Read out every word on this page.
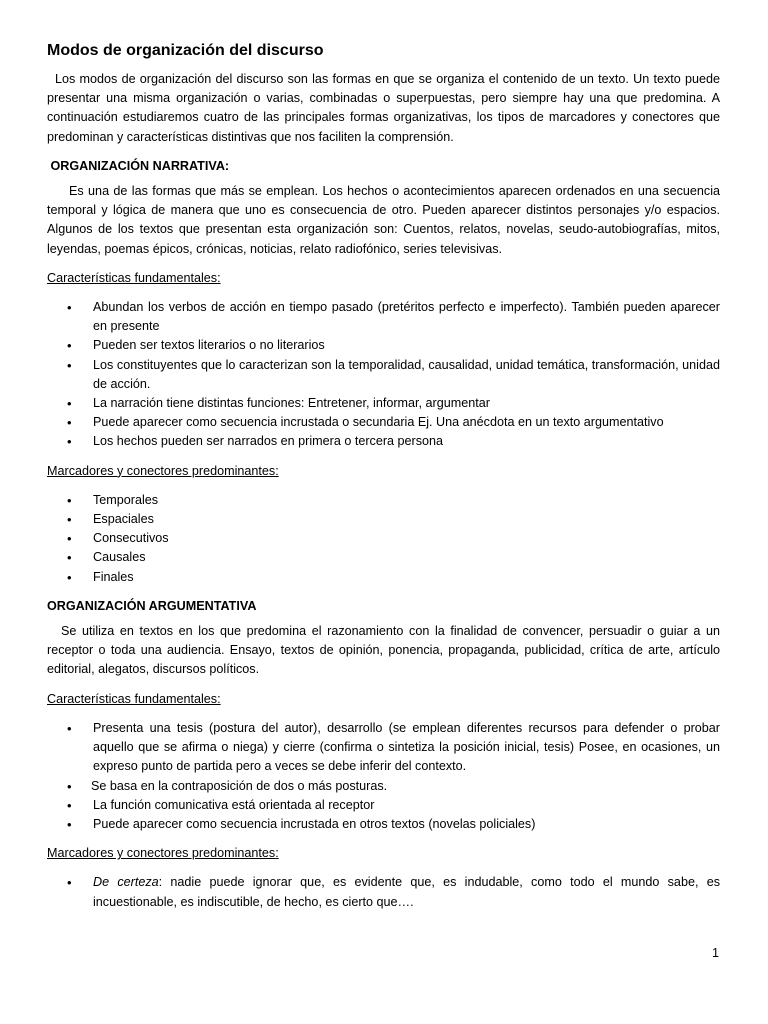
Modos de organización del discurso

Los modos de organización del discurso son las formas en que se organiza el contenido de un texto. Un texto puede presentar una misma organización o varias, combinadas o superpuestas, pero siempre hay una que predomina. A continuación estudiaremos cuatro de las principales formas organizativas, los tipos de marcadores y conectores que predominan y características distintivas que nos faciliten la comprensión.

ORGANIZACIÓN NARRATIVA:

Es una de las formas que más se emplean. Los hechos o acontecimientos aparecen ordenados en una secuencia temporal y lógica de manera que uno es consecuencia de otro. Pueden aparecer distintos personajes y/o espacios. Algunos de los textos que presentan esta organización son: Cuentos, relatos, novelas, seudo-autobiografías, mitos, leyendas, poemas épicos, crónicas, noticias, relato radiofónico, series televisivas.

Características fundamentales:
• Abundan los verbos de acción en tiempo pasado (pretéritos perfecto e imperfecto). También pueden aparecer en presente
• Pueden ser textos literarios o no literarios
• Los constituyentes que lo caracterizan son la temporalidad, causalidad, unidad temática, transformación, unidad de acción.
• La narración tiene distintas funciones: Entretener, informar, argumentar
• Puede aparecer como secuencia incrustada o secundaria Ej. Una anécdota en un texto argumentativo
• Los hechos pueden ser narrados en primera o tercera persona
Marcadores y conectores predominantes:
• Temporales
• Espaciales
• Consecutivos
• Causales
• Finales
ORGANIZACIÓN ARGUMENTATIVA

Se utiliza en textos en los que predomina el razonamiento con la finalidad de convencer, persuadir o guiar a un receptor o toda una audiencia. Ensayo, textos de opinión, ponencia, propaganda, publicidad, crítica de arte, artículo editorial, alegatos, discursos políticos.

Características fundamentales:
• Presenta una tesis (postura del autor), desarrollo (se emplean diferentes recursos para defender o probar aquello que se afirma o niega) y cierre (confirma o sintetiza la posición inicial, tesis) Posee, en ocasiones, un expreso punto de partida pero a veces se debe inferir del contexto.
• Se basa en la contraposición de dos o más posturas.
• La función comunicativa está orientada al receptor
• Puede aparecer como secuencia incrustada en otros textos (novelas policiales)
Marcadores y conectores predominantes:
• De certeza: nadie puede ignorar que, es evidente que, es indudable, como todo el mundo sabe, es incuestionable, es indiscutible, de hecho, es cierto que….
1
